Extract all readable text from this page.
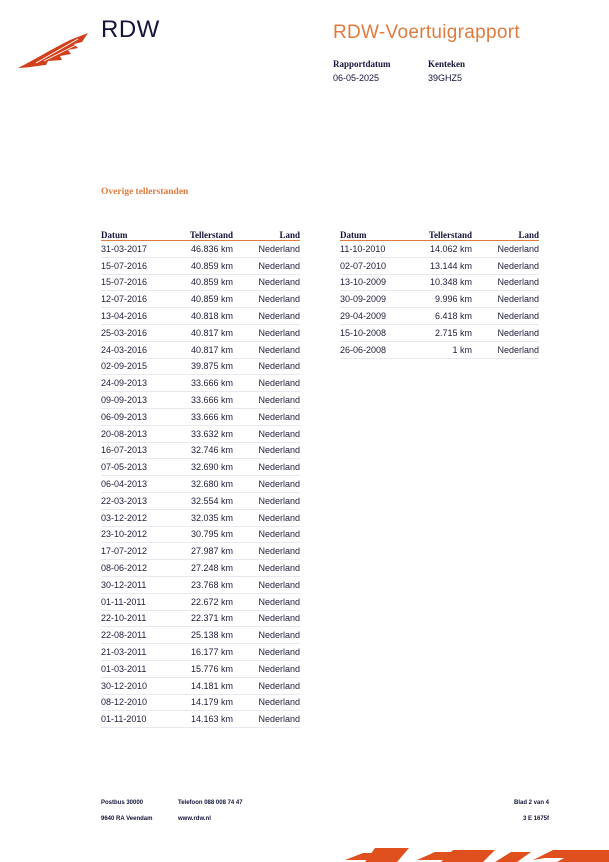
RDW	RDW-Voertuigrapport
Rapportdatum
06-05-2025
Kenteken
39GHZ5
Overige tellerstanden
Datum	Tellerstand	Land
31-03-2017	46.836 km	Nederland
15-07-2016	40.859 km	Nederland
15-07-2016	40.859 km	Nederland
12-07-2016	40.859 km	Nederland
13-04-2016	40.818 km	Nederland
25-03-2016	40.817 km	Nederland
24-03-2016	40.817 km	Nederland
02-09-2015	39.875 km	Nederland
24-09-2013	33.666 km	Nederland
09-09-2013	33.666 km	Nederland
06-09-2013	33.666 km	Nederland
20-08-2013	33.632 km	Nederland
16-07-2013	32.746 km	Nederland
07-05-2013	32.690 km	Nederland
06-04-2013	32.680 km	Nederland
22-03-2013	32.554 km	Nederland
03-12-2012	32.035 km	Nederland
23-10-2012	30.795 km	Nederland
17-07-2012	27.987 km	Nederland
08-06-2012	27.248 km	Nederland
30-12-2011	23.768 km	Nederland
01-11-2011	22.672 km	Nederland
22-10-2011	22.371 km	Nederland
22-08-2011	25.138 km	Nederland
21-03-2011	16.177 km	Nederland
01-03-2011	15.776 km	Nederland
30-12-2010	14.181 km	Nederland
08-12-2010	14.179 km	Nederland
01-11-2010	14.163 km	Nederland
Datum	Tellerstand	Land
11-10-2010	14.062 km	Nederland
02-07-2010	13.144 km	Nederland
13-10-2009	10.348 km	Nederland
30-09-2009	9.996 km	Nederland
29-04-2009	6.418 km	Nederland
15-10-2008	2.715 km	Nederland
26-06-2008	1 km	Nederland
Postbus 30000
9640 RA Veendam
Telefoon 088 008 74 47
www.rdw.nl
Blad 2 van 4
3 E 1675f
